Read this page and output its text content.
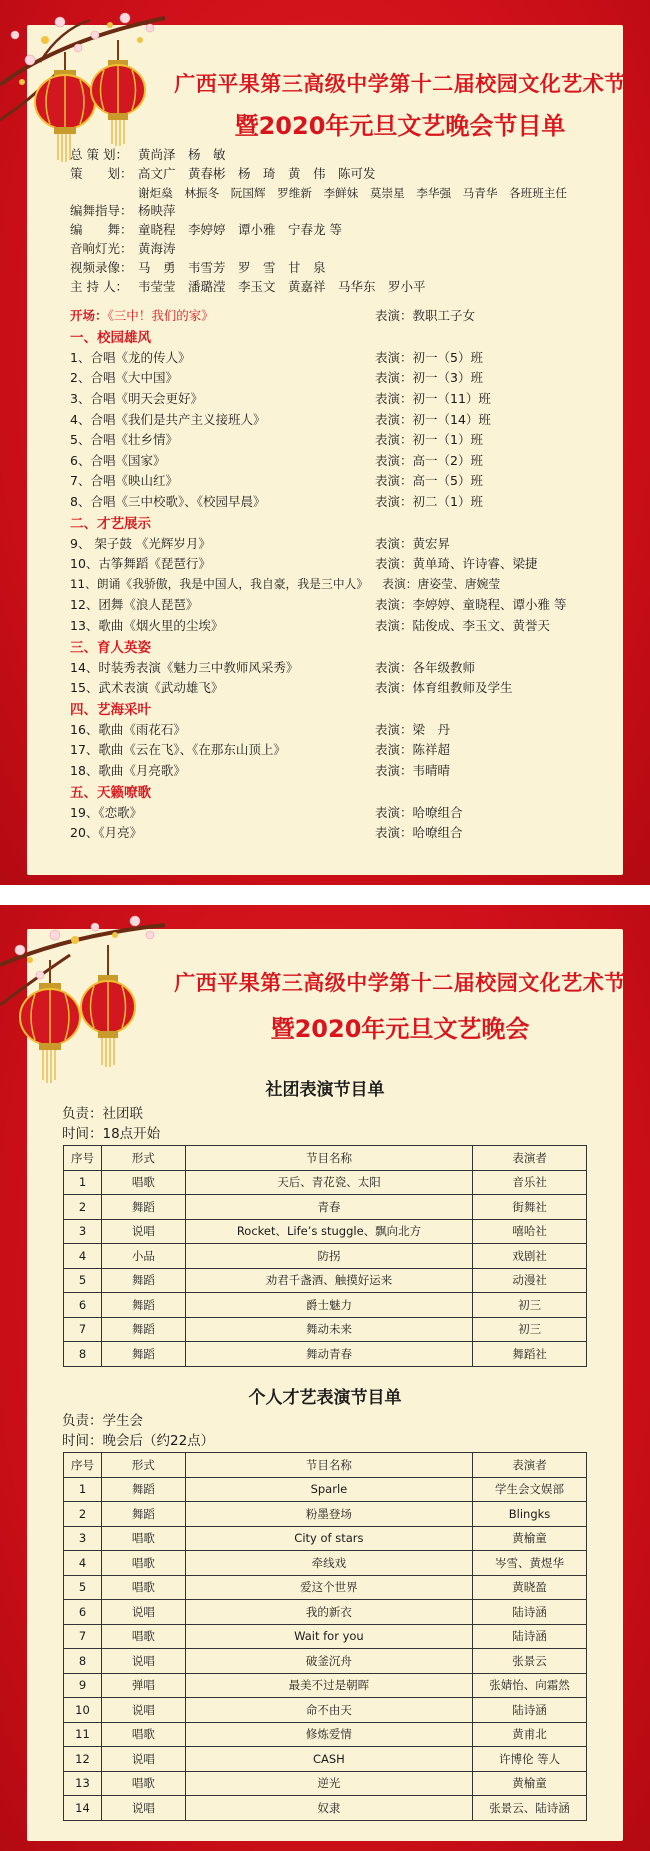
广西平果第三高级中学第十二届校园文化艺术节
暨2020年元旦文艺晚会节目单
总 策 划： 黄尚泽　杨　敏
策　　划： 高文广　黄春彬　杨　琦　黄　伟　陈可发
谢炬燊　林振冬　阮国辉　罗维新　李鲜妹　莫崇星　李华强　马青华　各班班主任
编舞指导： 杨映萍
编　　舞： 童晓程　李婷婷　谭小雅　宁春龙 等
音响灯光： 黄海涛
视频录像： 马　勇　韦雪芳　罗　雪　甘　泉
主 持 人： 韦莹莹　潘璐滢　李玉文　黄嘉祥　马华东　罗小平
开场：《三中！我们的家》	表演：教职工子女
一、校园雄风
1、合唱《龙的传人》	表演：初一（5）班
2、合唱《大中国》	表演：初一（3）班
3、合唱《明天会更好》	表演：初一（11）班
4、合唱《我们是共产主义接班人》	表演：初一（14）班
5、合唱《壮乡情》	表演：初一（1）班
6、合唱《国家》	表演：高一（2）班
7、合唱《映山红》	表演：高一（5）班
8、合唱《三中校歌》、《校园早晨》	表演：初二（1）班
二、才艺展示
9、 架子鼓 《光辉岁月》	表演：黄宏昇
10、古筝舞蹈《琵琶行》	表演：黄单琦、许诗睿、梁捷
11、朗诵《我骄傲，我是中国人，我自豪，我是三中人》 表演：唐姿莹、唐婉莹
12、团舞《浪人琵琶》	表演：李婷婷、童晓程、谭小雅 等
13、歌曲《烟火里的尘埃》	表演：陆俊成、李玉文、黄誉天
三、育人英姿
14、时装秀表演《魅力三中教师风采秀》	表演：各年级教师
15、武术表演《武动雄飞》	表演：体育组教师及学生
四、艺海采叶
16、歌曲《雨花石》	表演：梁　丹
17、歌曲《云在飞》、《在那东山顶上》	表演：陈祥超
18、歌曲《月亮歌》	表演：韦晴晴
五、天籁嘹歌
19、《恋歌》	表演：哈嘹组合
20、《月亮》	表演：哈嘹组合
广西平果第三高级中学第十二届校园文化艺术节
暨2020年元旦文艺晚会
社团表演节目单
负责：社团联
时间：18点开始
序号	形式	节目名称	表演者
1	唱歌	天后、青花瓷、太阳	音乐社
2	舞蹈	青春	街舞社
3	说唱	Rocket、Life’s stuggle、飘向北方	嘻哈社
4	小品	防拐	戏剧社
5	舞蹈	劝君千盏酒、触摸好运来	动漫社
6	舞蹈	爵士魅力	初三
7	舞蹈	舞动未来	初三
8	舞蹈	舞动青春	舞蹈社
个人才艺表演节目单
负责：学生会
时间：晚会后（约22点）
序号	形式	节目名称	表演者
1	舞蹈	Sparle	学生会文娱部
2	舞蹈	粉墨登场	Blingks
3	唱歌	City of stars	黄榆童
4	唱歌	牵线戏	岑雪、黄煜华
5	唱歌	爱这个世界	黄晓盈
6	说唱	我的新衣	陆诗涵
7	唱歌	Wait for you	陆诗涵
8	说唱	破釜沉舟	张景云
9	弹唱	最美不过是朝晖	张婧怡、向霜然
10	说唱	命不由天	陆诗涵
11	唱歌	修炼爱情	黄甫北
12	说唱	CASH	许博伦 等人
13	唱歌	逆光	黄榆童
14	说唱	奴隶	张景云、陆诗涵
